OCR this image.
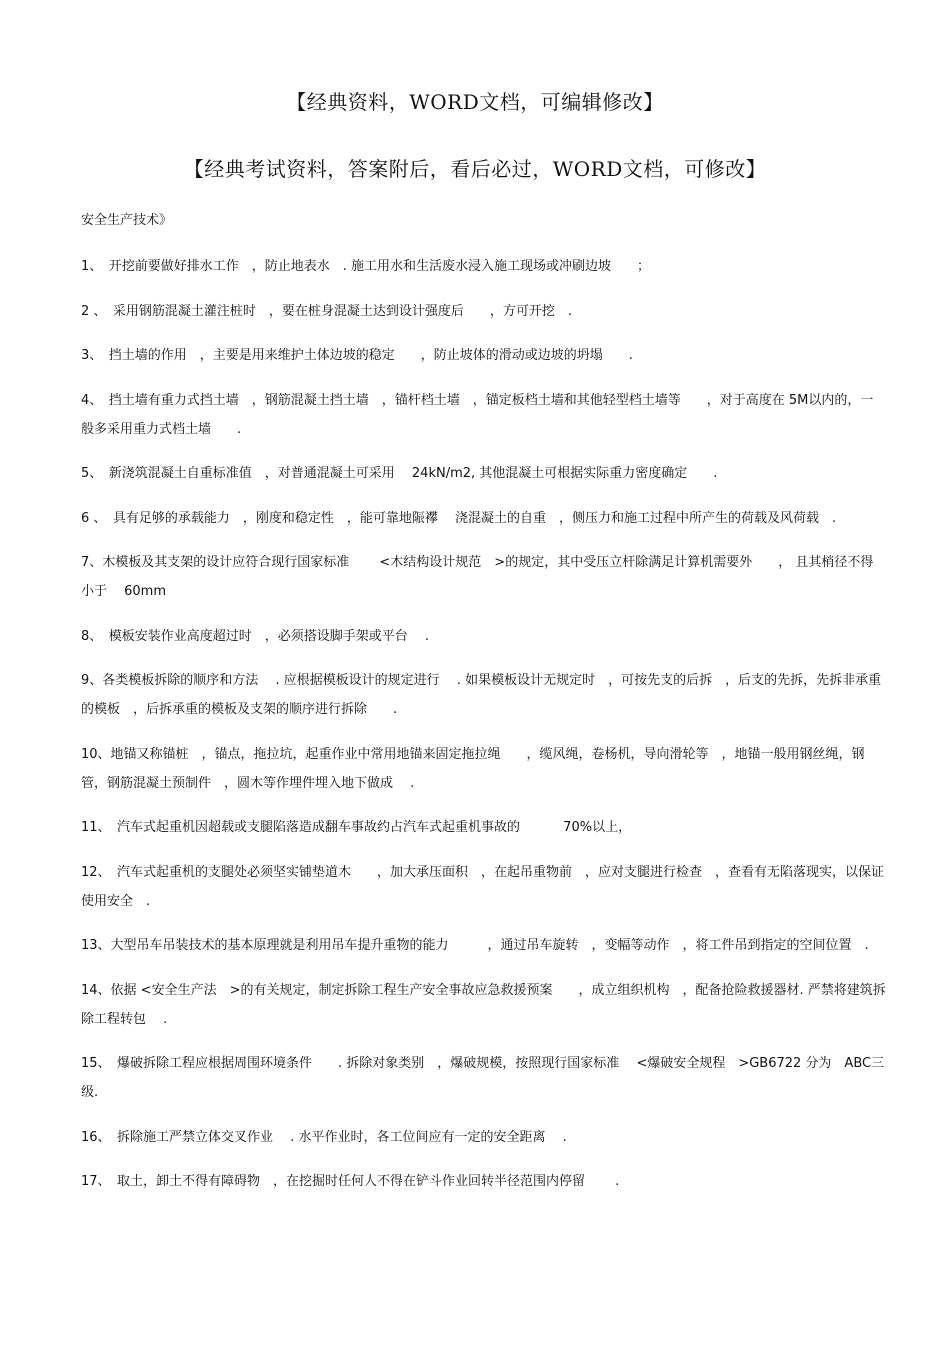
【经典资料，WORD文档，可编辑修改】
【经典考试资料，答案附后，看后必过，WORD文档，可修改】

安全生产技术》

1、　开挖前要做好排水工作　，防止地表水　. 施工用水和生活废水浸入施工现场或冲刷边坡　　；

2 、　采用钢筋混凝土灌注桩时　，要在桩身混凝土达到设计强度后　　，方可开挖　.

3、　挡土墙的作用　，主要是用来维护土体边坡的稳定　　，防止坡体的滑动或边坡的坍塌　　.

4、　挡土墙有重力式挡土墙　，钢筋混凝土挡土墙　，锚杆档土墙　，锚定板档土墙和其他轻型档土墙等　　，对于高度在 5M以内的，一般多采用重力式档土墙　　.

5、　新浇筑混凝土自重标准值　，对普通混凝土可采用　 24kN/m2, 其他混凝土可根据实际重力密度确定　　.

6 、　具有足够的承载能力　，刚度和稳定性　，能可靠地陙襻　 浇混凝土的自重　，侧压力和施工过程中所产生的荷载及风荷载　.

7、木模板及其支架的设计应符合现行国家标准　　 <木结构设计规范　>的规定，其中受压立杆除满足计算机需要外　　， 且其梢径不得小于　 60mm

8、　模板安装作业高度超过时　，必须搭设脚手架或平台　 .

9、各类模板拆除的顺序和方法　 . 应根据模板设计的规定进行　 . 如果模板设计无规定时　，可按先支的后拆　，后支的先拆，先拆非承重的模板　，后拆承重的模板及支架的顺序进行拆除　　.

10、地锚又称锚桩　，锚点，拖拉坑，起重作业中常用地锚来固定拖拉绳　　，缆风绳，卷杨机，导向滑轮等　，地锚一般用钢丝绳，钢管，钢筋混凝土预制件　，圆木等作埋件埋入地下做成　 .

11、　汽车式起重机因超载或支腿陷落造成翻车事故约占汽车式起重机事故的　　　 70%以上，

12、　汽车式起重机的支腿处必须坚实铺垫道木　　，加大承压面积　，在起吊重物前　，应对支腿进行检查　，查看有无陷落现实，以保证使用安全　.

13、大型吊车吊装技术的基本原理就是利用吊车提升重物的能力　　　，通过吊车旋转　，变幅等动作　，将工件吊到指定的空间位置　.

14、依据 <安全生产法　>的有关规定，制定拆除工程生产安全事故应急救援预案　　，成立组织机构　，配备抢险救援器材. 严禁将建筑拆除工程转包　 .

15、　爆破拆除工程应根据周围环境条件　　. 拆除对象类别　，爆破规模，按照现行国家标准　 <爆破安全规程　>GB6722 分为　ABC三级.

16、　拆除施工严禁立体交叉作业　 . 水平作业时，各工位间应有一定的安全距离　 .

17、　取土，卸土不得有障碍物　，在挖掘时任何人不得在铲斗作业回转半径范围内停留　　 .
